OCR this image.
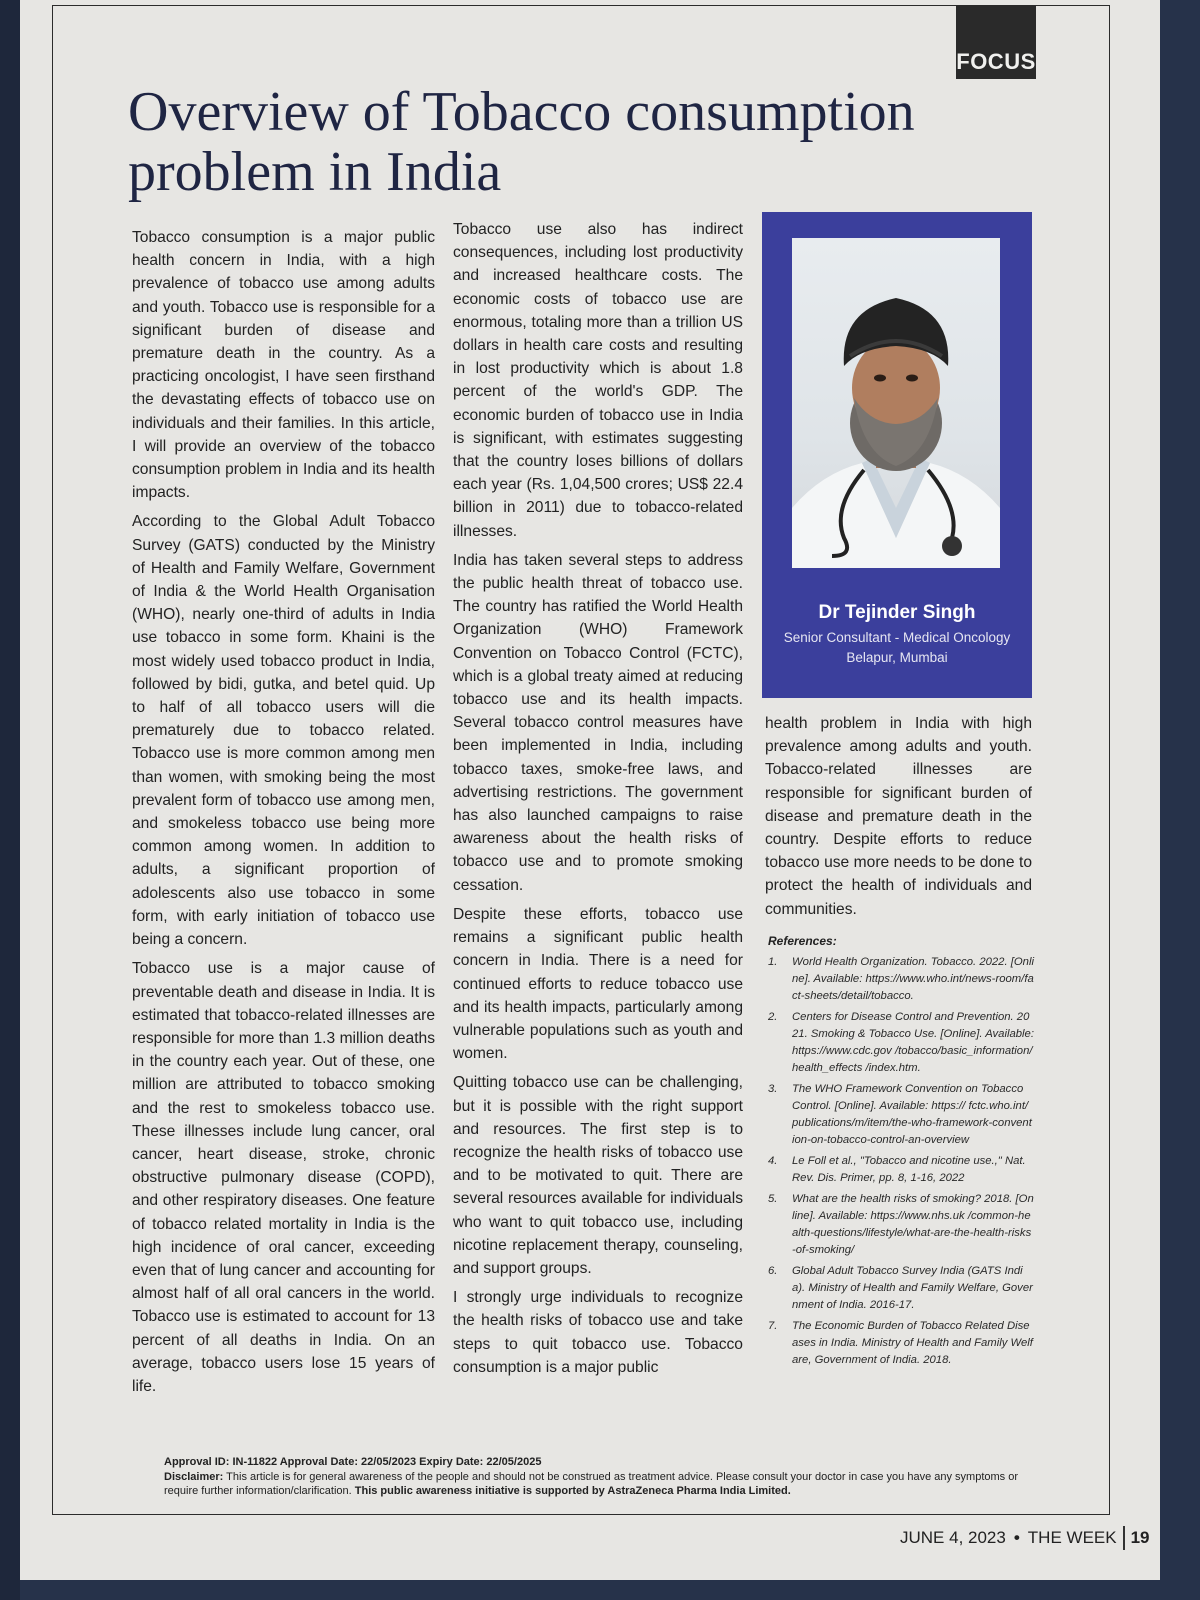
FOCUS
Overview of Tobacco consumption problem in India

Tobacco consumption is a major public health concern in India, with a high prevalence of tobacco use among adults and youth. Tobacco use is responsible for a significant burden of disease and premature death in the country. As a practicing oncologist, I have seen firsthand the devastating effects of tobacco use on individuals and their families. In this article, I will provide an overview of the tobacco consumption problem in India and its health impacts.

According to the Global Adult Tobacco Survey (GATS) conducted by the Ministry of Health and Family Welfare, Government of India & the World Health Organisation (WHO), nearly one-third of adults in India use tobacco in some form. Khaini is the most widely used tobacco product in India, followed by bidi, gutka, and betel quid. Up to half of all tobacco users will die prematurely due to tobacco related. Tobacco use is more common among men than women, with smoking being the most prevalent form of tobacco use among men, and smokeless tobacco use being more common among women. In addition to adults, a significant proportion of adolescents also use tobacco in some form, with early initiation of tobacco use being a concern.

Tobacco use is a major cause of preventable death and disease in India. It is estimated that tobacco-related illnesses are responsible for more than 1.3 million deaths in the country each year. Out of these, one million are attributed to tobacco smoking and the rest to smokeless tobacco use. These illnesses include lung cancer, oral cancer, heart disease, stroke, chronic obstructive pulmonary disease (COPD), and other respiratory diseases. One feature of tobacco related mortality in India is the high incidence of oral cancer, exceeding even that of lung cancer and accounting for almost half of all oral cancers in the world. Tobacco use is estimated to account for 13 percent of all deaths in India. On an average, tobacco users lose 15 years of life.

Tobacco use also has indirect consequences, including lost productivity and increased healthcare costs. The economic costs of tobacco use are enormous, totaling more than a trillion US dollars in health care costs and resulting in lost productivity which is about 1.8 percent of the world's GDP. The economic burden of tobacco use in India is significant, with estimates suggesting that the country loses billions of dollars each year (Rs. 1,04,500 crores; US$ 22.4 billion in 2011) due to tobacco-related illnesses.

India has taken several steps to address the public health threat of tobacco use. The country has ratified the World Health Organization (WHO) Framework Convention on Tobacco Control (FCTC), which is a global treaty aimed at reducing tobacco use and its health impacts. Several tobacco control measures have been implemented in India, including tobacco taxes, smoke-free laws, and advertising restrictions. The government has also launched campaigns to raise awareness about the health risks of tobacco use and to promote smoking cessation.

Despite these efforts, tobacco use remains a significant public health concern in India. There is a need for continued efforts to reduce tobacco use and its health impacts, particularly among vulnerable populations such as youth and women.

Quitting tobacco use can be challenging, but it is possible with the right support and resources. The first step is to recognize the health risks of tobacco use and to be motivated to quit. There are several resources available for individuals who want to quit tobacco use, including nicotine replacement therapy, counseling, and support groups.

I strongly urge individuals to recognize the health risks of tobacco use and take steps to quit tobacco use. Tobacco consumption is a major public

Dr Tejinder Singh
Senior Consultant - Medical Oncology
Belapur, Mumbai

health problem in India with high prevalence among adults and youth. Tobacco-related illnesses are responsible for significant burden of disease and premature death in the country. Despite efforts to reduce tobacco use more needs to be done to protect the health of individuals and communities.

References:
1.	World Health Organization. Tobacco. 2022. [Online]. Available: https://www.who.int/news-room/fact-sheets/detail/tobacco.
2.	Centers for Disease Control and Prevention. 2021. Smoking & Tobacco Use. [Online]. Available: https://www.cdc.gov /tobacco/basic_information/health_effects /index.htm.
3.	The WHO Framework Convention on Tobacco Control. [Online]. Available: https:// fctc.who.int/publications/m/item/the-who-framework-convention-on-tobacco-control-an-overview
4.	Le Foll et al., "Tobacco and nicotine use.," Nat. Rev. Dis. Primer, pp. 8, 1-16, 2022
5.	What are the health risks of smoking? 2018. [Online]. Available: https://www.nhs.uk /common-health-questions/lifestyle/what-are-the-health-risks-of-smoking/
6.	Global Adult Tobacco Survey India (GATS India). Ministry of Health and Family Welfare, Government of India. 2016-17.
7.	The Economic Burden of Tobacco Related Diseases in India. Ministry of Health and Family Welfare, Government of India. 2018.
Approval ID: IN-11822 Approval Date: 22/05/2023 Expiry Date: 22/05/2025
Disclaimer: This article is for general awareness of the people and should not be construed as treatment advice. Please consult your doctor in case you have any symptoms or require further information/clarification. This public awareness initiative is supported by AstraZeneca Pharma India Limited.
JUNE 4, 2023 • THE WEEK 19
